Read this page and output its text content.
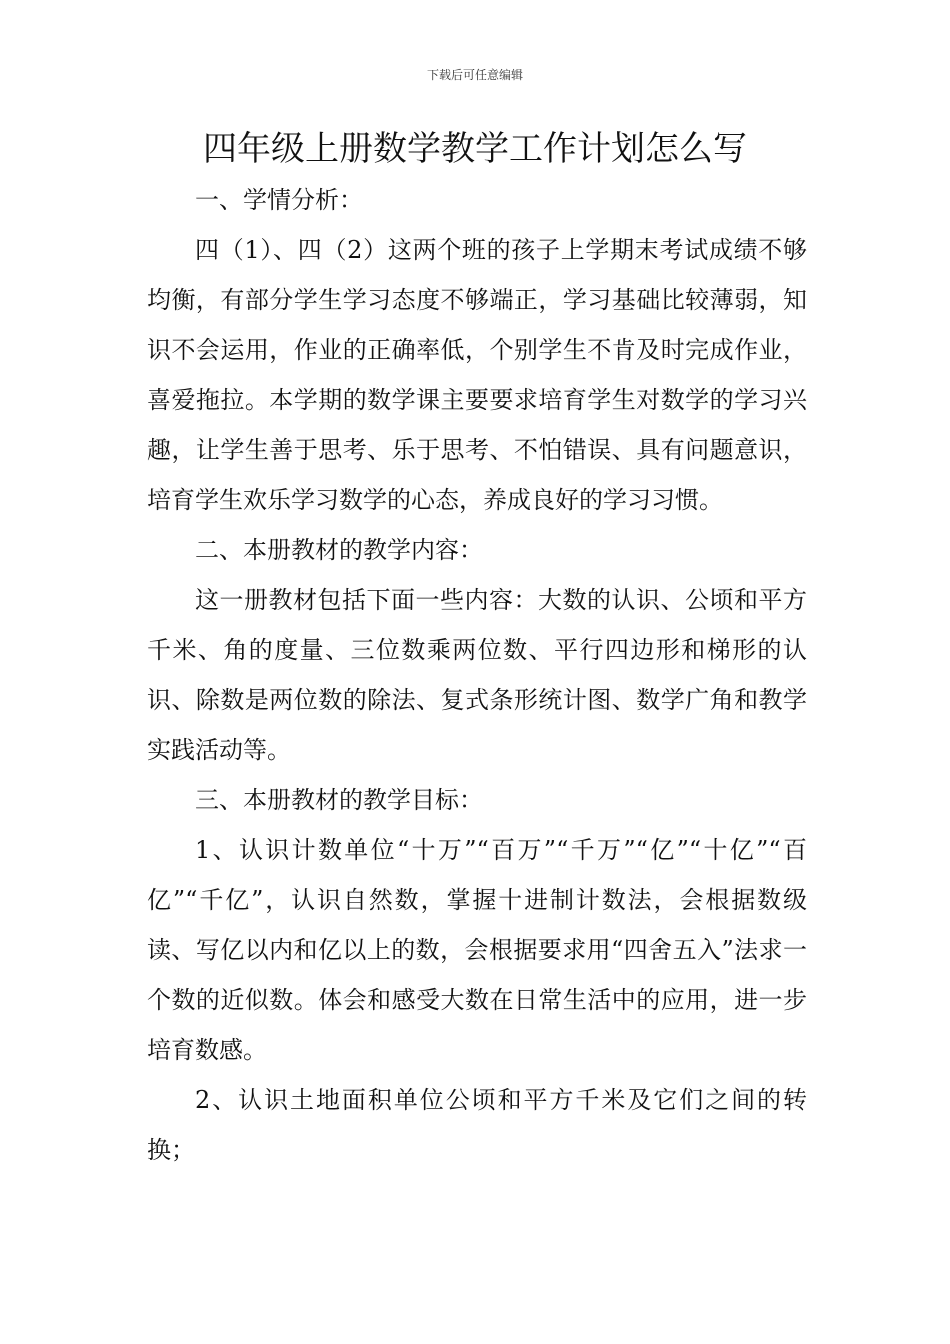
下载后可任意编辑
四年级上册数学教学工作计划怎么写

一、学情分析：

四（1）、四（2）这两个班的孩子上学期末考试成绩不够均衡，有部分学生学习态度不够端正，学习基础比较薄弱，知识不会运用，作业的正确率低，个别学生不肯及时完成作业，喜爱拖拉。本学期的数学课主要要求培育学生对数学的学习兴趣，让学生善于思考、乐于思考、不怕错误、具有问题意识，培育学生欢乐学习数学的心态，养成良好的学习习惯。

二、本册教材的教学内容：

这一册教材包括下面一些内容：大数的认识、公顷和平方千米、角的度量、三位数乘两位数、平行四边形和梯形的认识、除数是两位数的除法、复式条形统计图、数学广角和教学实践活动等。

三、本册教材的教学目标：

1、认识计数单位“十万”“百万”“千万”“亿”“十亿”“百亿”“千亿”，认识自然数，掌握十进制计数法，会根据数级读、写亿以内和亿以上的数，会根据要求用“四舍五入”法求一个数的近似数。体会和感受大数在日常生活中的应用，进一步培育数感。

2、认识土地面积单位公顷和平方千米及它们之间的转换；
